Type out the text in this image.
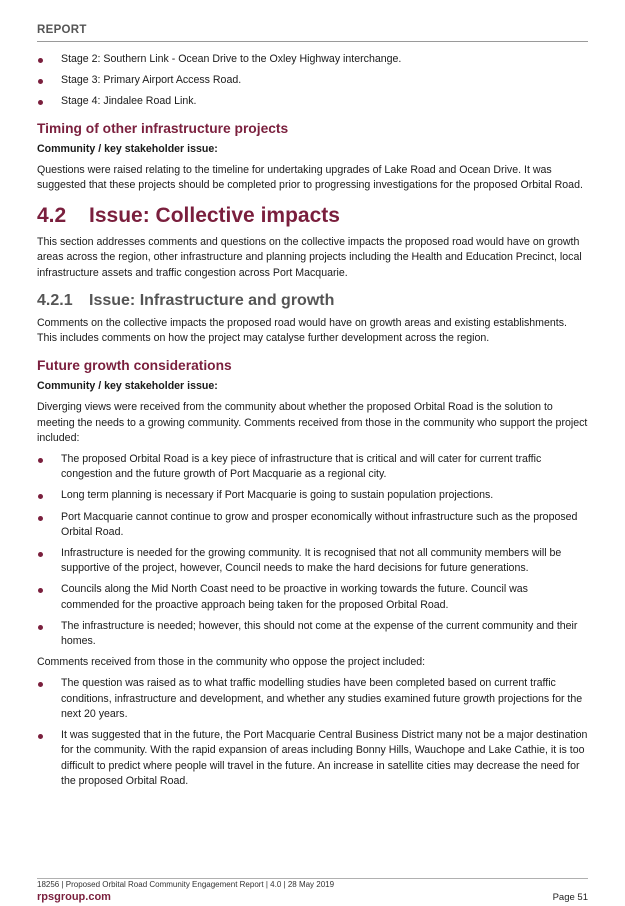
REPORT
Stage 2: Southern Link - Ocean Drive to the Oxley Highway interchange.
Stage 3: Primary Airport Access Road.
Stage 4: Jindalee Road Link.
Timing of other infrastructure projects
Community / key stakeholder issue:

Questions were raised relating to the timeline for undertaking upgrades of Lake Road and Ocean Drive. It was suggested that these projects should be completed prior to progressing investigations for the proposed Orbital Road.

4.2	Issue: Collective impacts

This section addresses comments and questions on the collective impacts the proposed road would have on growth areas across the region, other infrastructure and planning projects including the Health and Education Precinct, local infrastructure assets and traffic congestion across Port Macquarie.

4.2.1	Issue: Infrastructure and growth

Comments on the collective impacts the proposed road would have on growth areas and existing establishments. This includes comments on how the project may catalyse further development across the region.

Future growth considerations
Community / key stakeholder issue:

Diverging views were received from the community about whether the proposed Orbital Road is the solution to meeting the needs to a growing community. Comments received from those in the community who support the project included:

The proposed Orbital Road is a key piece of infrastructure that is critical and will cater for current traffic congestion and the future growth of Port Macquarie as a regional city.
Long term planning is necessary if Port Macquarie is going to sustain population projections.
Port Macquarie cannot continue to grow and prosper economically without infrastructure such as the proposed Orbital Road.
Infrastructure is needed for the growing community. It is recognised that not all community members will be supportive of the project, however, Council needs to make the hard decisions for future generations.
Councils along the Mid North Coast need to be proactive in working towards the future. Council was commended for the proactive approach being taken for the proposed Orbital Road.
The infrastructure is needed; however, this should not come at the expense of the current community and their homes.

Comments received from those in the community who oppose the project included:

The question was raised as to what traffic modelling studies have been completed based on current traffic conditions, infrastructure and development, and whether any studies examined future growth projections for the next 20 years.
It was suggested that in the future, the Port Macquarie Central Business District many not be a major destination for the community. With the rapid expansion of areas including Bonny Hills, Wauchope and Lake Cathie, it is too difficult to predict where people will travel in the future. An increase in satellite cities may decrease the need for the proposed Orbital Road.
18256 | Proposed Orbital Road Community Engagement Report | 4.0 | 28 May 2019
rpsgroup.com	Page 51
